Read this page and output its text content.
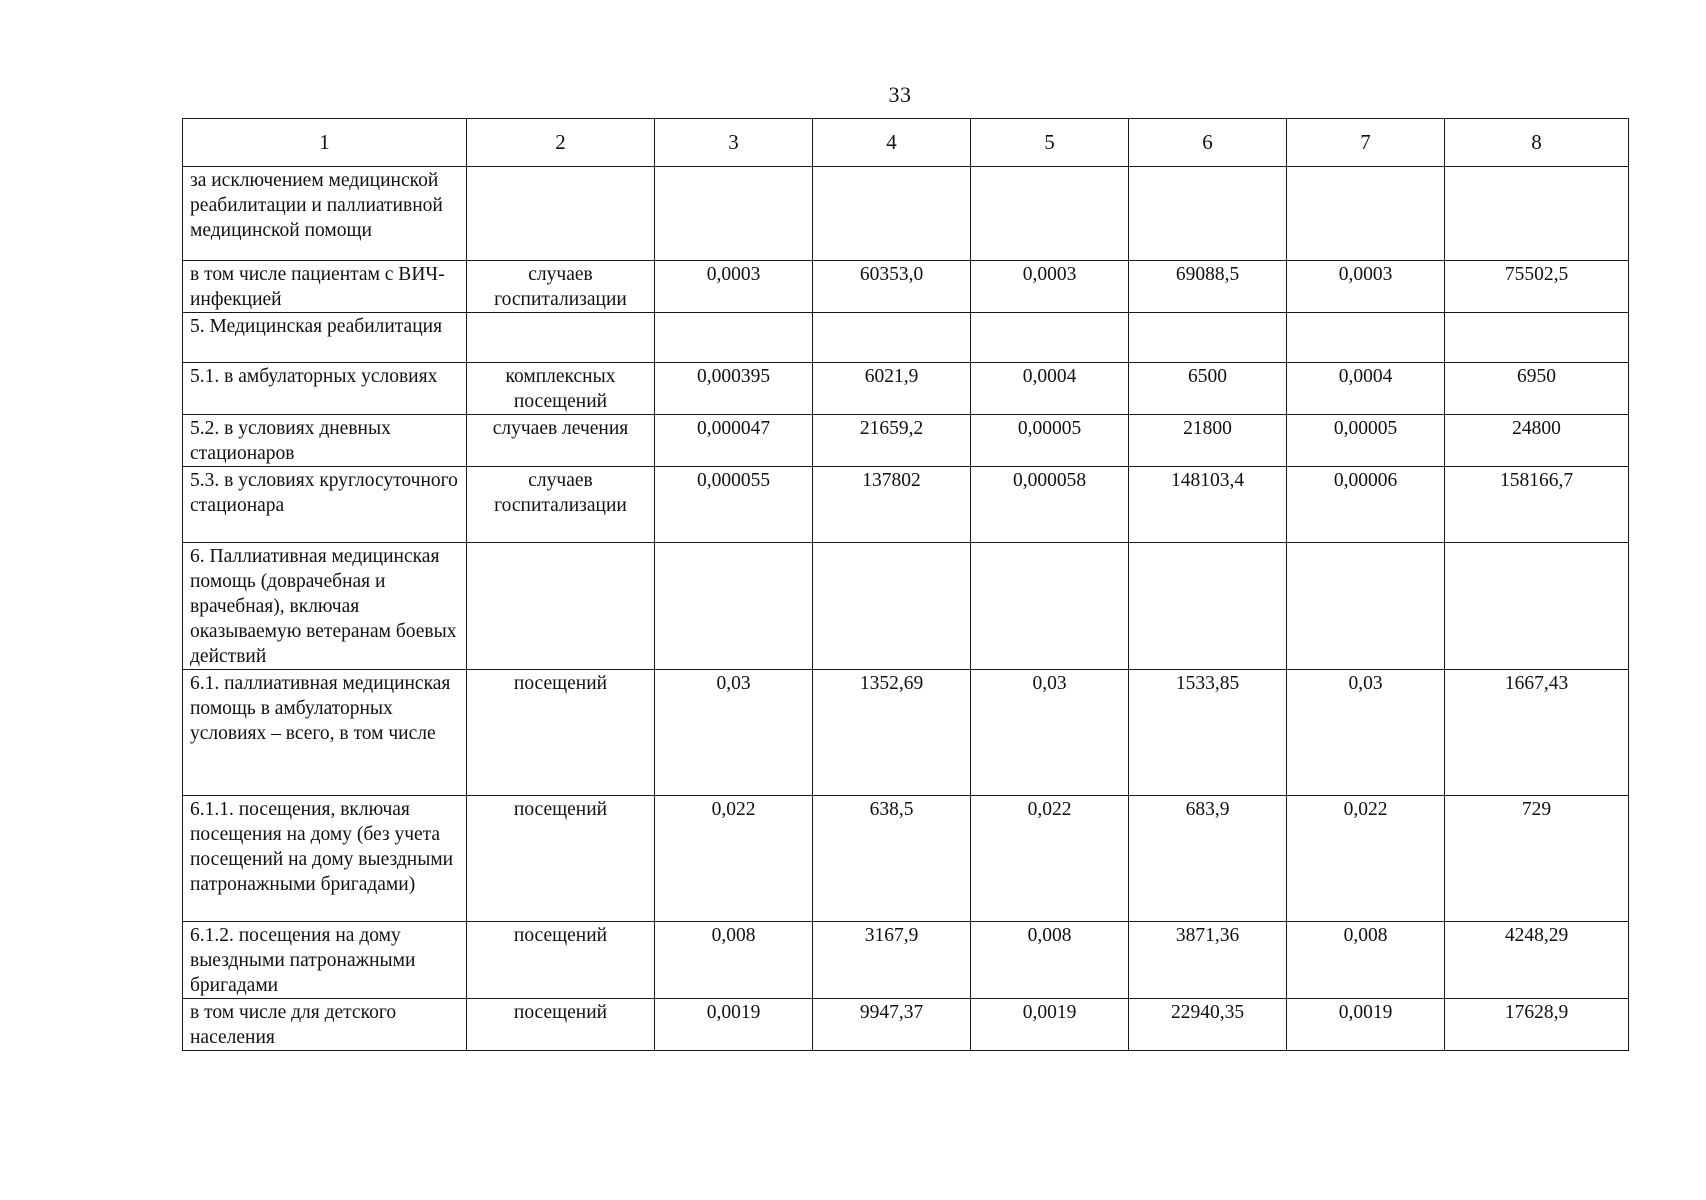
33
1	2	3	4	5	6	7	8
за исключением медицинской реабилитации и паллиативной медицинской помощи							
в том числе пациентам с ВИЧ-инфекцией	случаев госпитализации	0,0003	60353,0	0,0003	69088,5	0,0003	75502,5
5. Медицинская реабилитация							
5.1. в амбулаторных условиях	комплексных посещений	0,000395	6021,9	0,0004	6500	0,0004	6950
5.2. в условиях дневных стационаров	случаев лечения	0,000047	21659,2	0,00005	21800	0,00005	24800
5.3. в условиях круглосуточного стационара	случаев госпитализации	0,000055	137802	0,000058	148103,4	0,00006	158166,7
6. Паллиативная медицинская помощь (доврачебная и врачебная), включая оказываемую ветеранам боевых действий							
6.1. паллиативная медицинская помощь в амбулаторных условиях – всего, в том числе	посещений	0,03	1352,69	0,03	1533,85	0,03	1667,43
6.1.1. посещения, включая посещения на дому (без учета посещений на дому выездными патронажными бригадами)	посещений	0,022	638,5	0,022	683,9	0,022	729
6.1.2. посещения на дому выездными патронажными бригадами	посещений	0,008	3167,9	0,008	3871,36	0,008	4248,29
в том числе для детского населения	посещений	0,0019	9947,37	0,0019	22940,35	0,0019	17628,9
